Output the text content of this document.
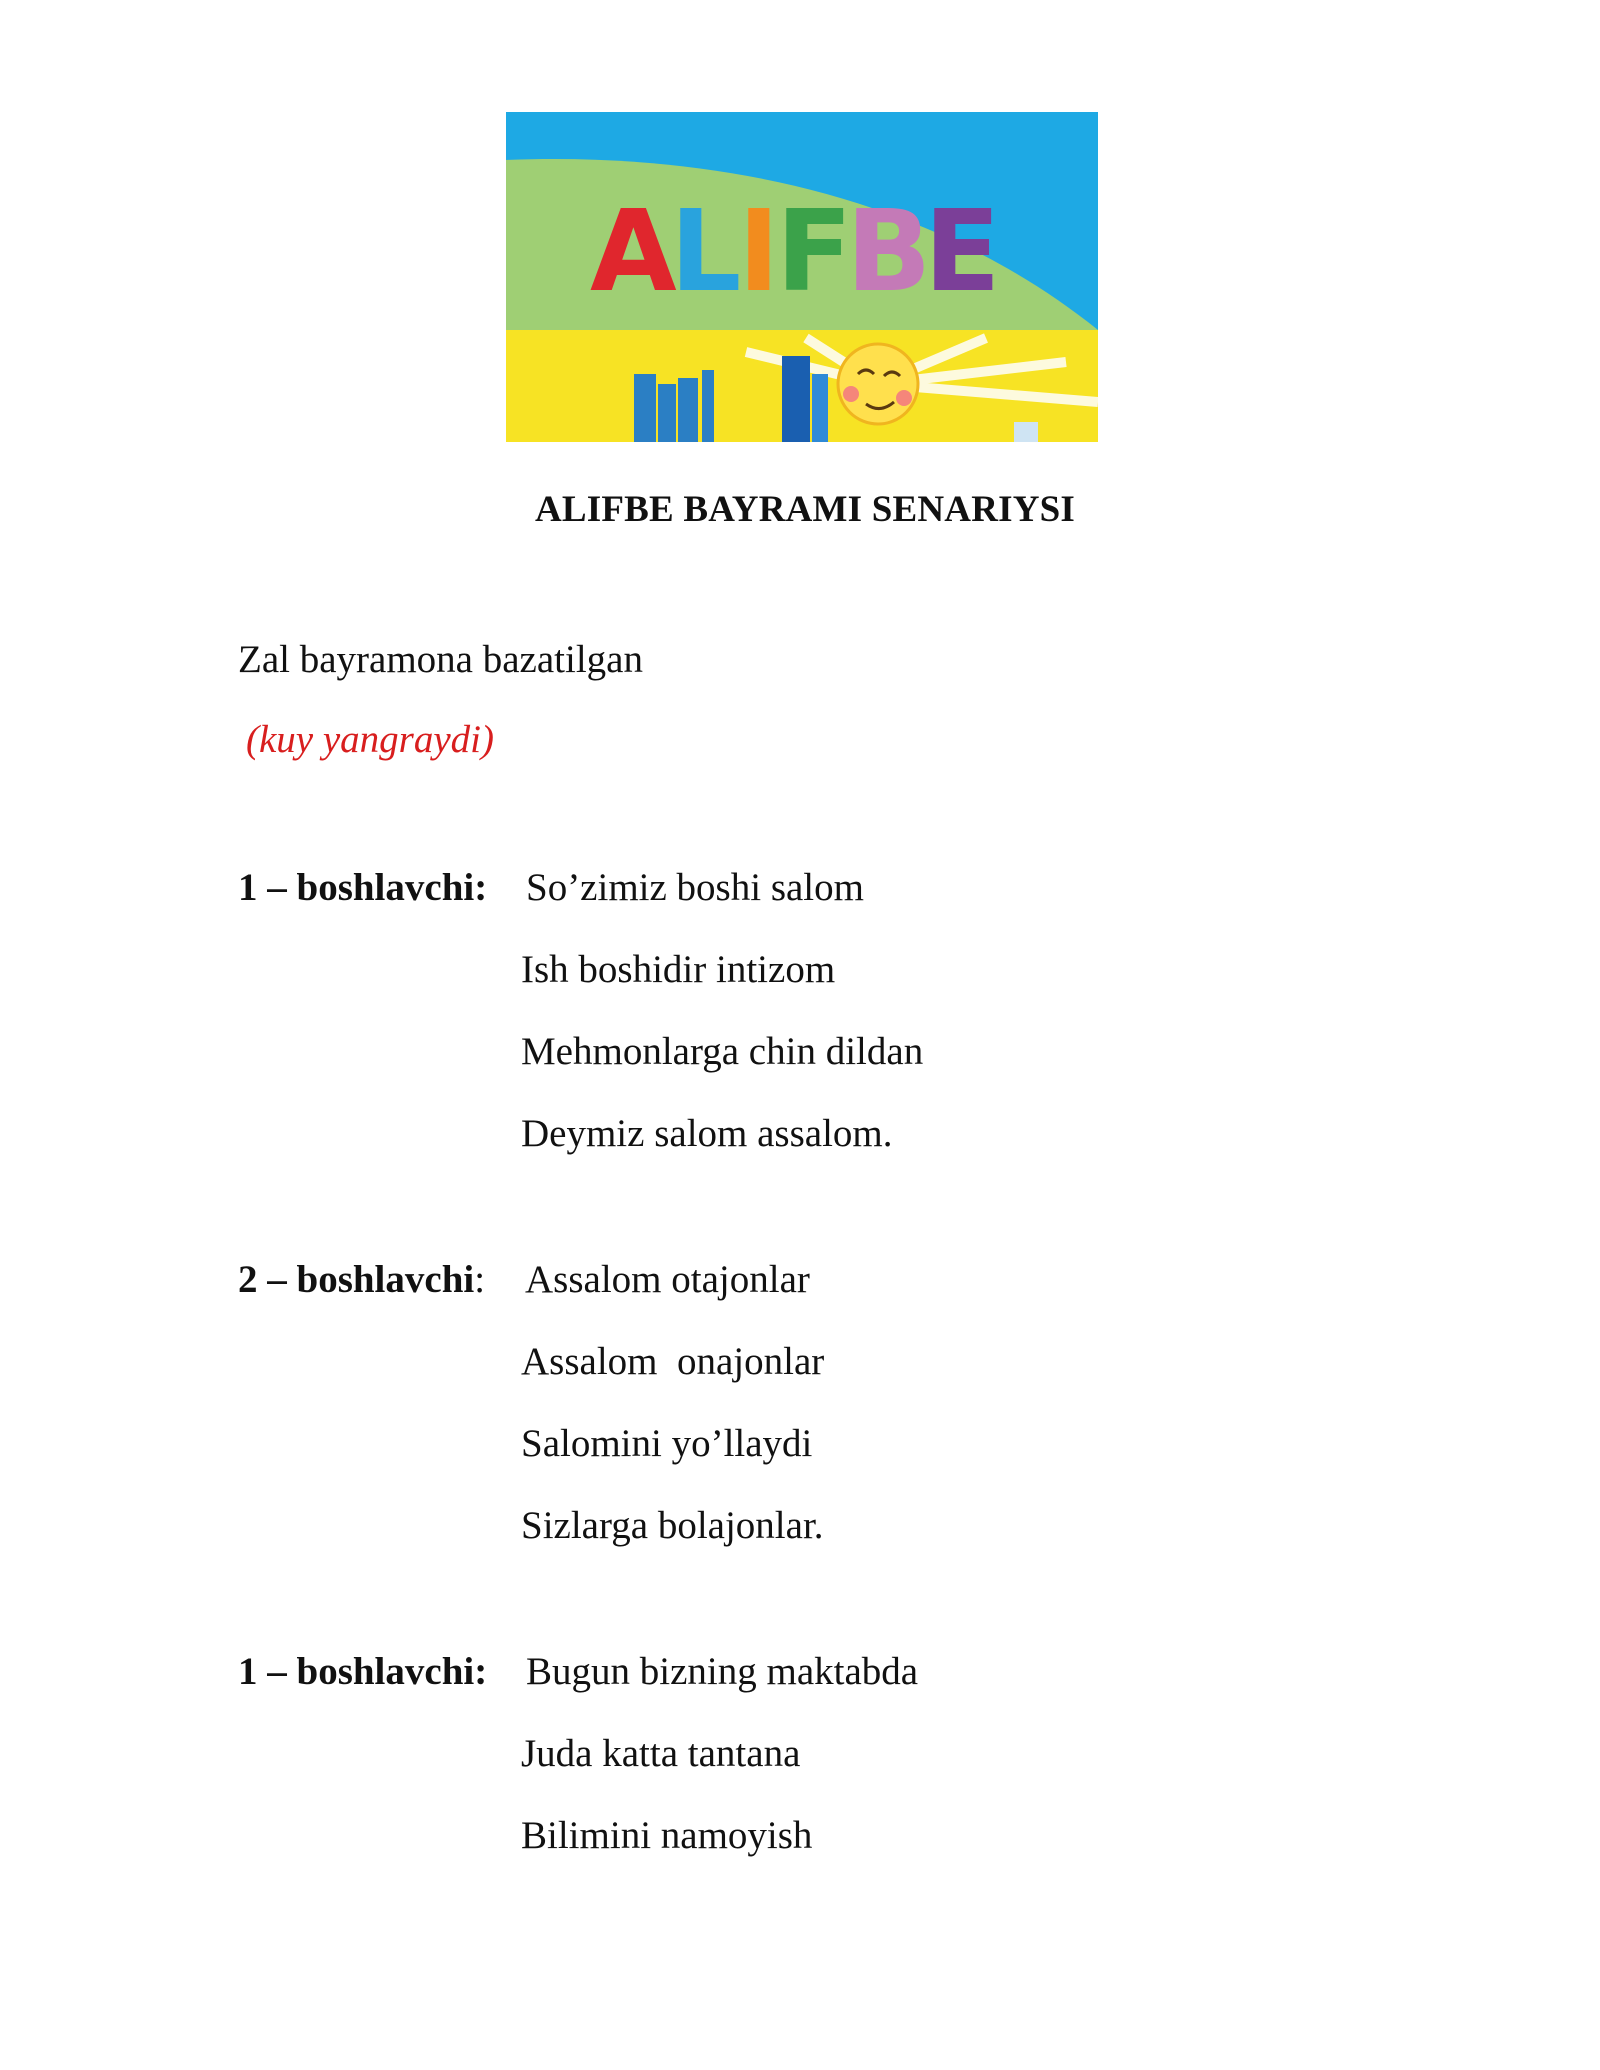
A
L
I
F
B
E
ALIFBE BAYRAMI SENARIYSI
Zal bayramona bazatilgan
(kuy yangraydi)
1 – boshlavchi: So’zimiz boshi salom
Ish boshidir intizom
Mehmonlarga chin dildan
Deymiz salom assalom.
2 – boshlavchi: Assalom otajonlar
Assalom  onajonlar
Salomini yo’llaydi
Sizlarga bolajonlar.
1 – boshlavchi: Bugun bizning maktabda
Juda katta tantana
Bilimini namoyish
